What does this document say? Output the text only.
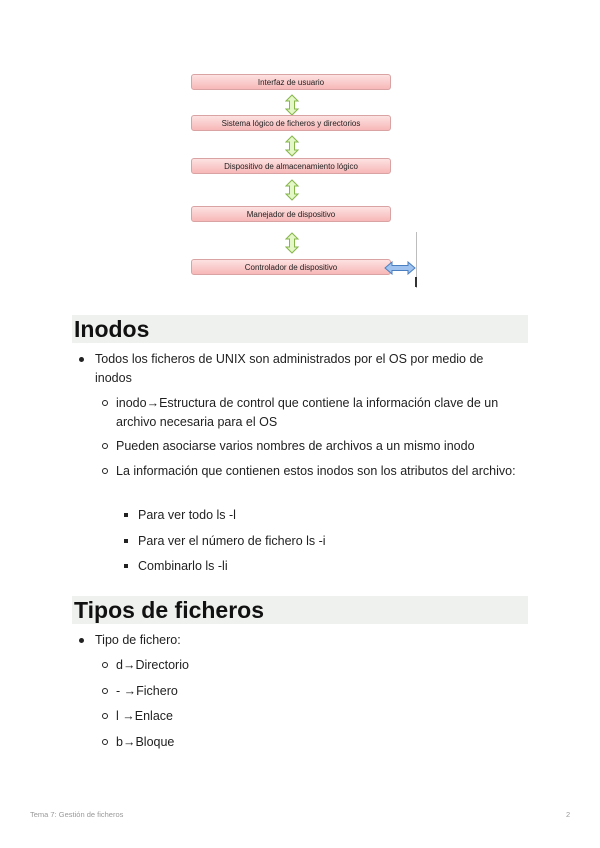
Interfaz de usuario
Sistema lógico de ficheros y directorios
Dispositivo de almacenamiento lógico
Manejador de dispositivo
Controlador de dispositivo
Inodos

Todos los ficheros de UNIX son administrados por el OS por medio de inodos

inodo→Estructura de control que contiene la información clave de un archivo necesaria para el OS

Pueden asociarse varios nombres de archivos a un mismo inodo

La información que contienen estos inodos son los atributos del archivo:

Para ver todo ls -l

Para ver el número de fichero ls -i

Combinarlo ls -li

Tipos de ficheros

Tipo de fichero:

d→Directorio

- →Fichero

l →Enlace

b→Bloque

Tema 7: Gestión de ficheros	2
